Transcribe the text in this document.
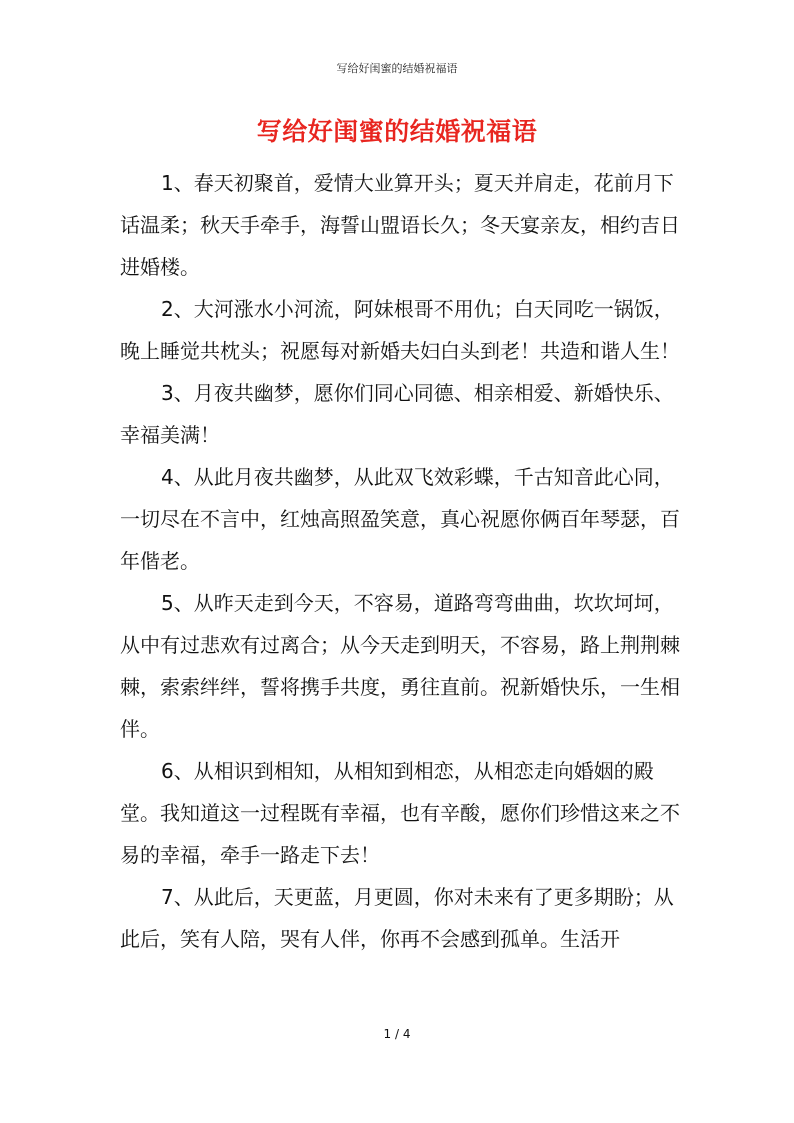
写给好闺蜜的结婚祝福语
写给好闺蜜的结婚祝福语

1、春天初聚首，爱情大业算开头；夏天并肩走，花前月下话温柔；秋天手牵手，海誓山盟语长久；冬天宴亲友，相约吉日进婚楼。

2、大河涨水小河流，阿妹根哥不用仇；白天同吃一锅饭，晚上睡觉共枕头；祝愿每对新婚夫妇白头到老！共造和谐人生！

3、月夜共幽梦，愿你们同心同德、相亲相爱、新婚快乐、幸福美满！

4、从此月夜共幽梦，从此双飞效彩蝶，千古知音此心同，一切尽在不言中，红烛高照盈笑意，真心祝愿你俩百年琴瑟，百年偕老。

5、从昨天走到今天，不容易，道路弯弯曲曲，坎坎坷坷，从中有过悲欢有过离合；从今天走到明天，不容易，路上荆荆棘棘，索索绊绊，誓将携手共度，勇往直前。祝新婚快乐，一生相伴。

6、从相识到相知，从相知到相恋，从相恋走向婚姻的殿堂。我知道这一过程既有幸福，也有辛酸，愿你们珍惜这来之不易的幸福，牵手一路走下去！

7、从此后，天更蓝，月更圆，你对未来有了更多期盼；从此后，笑有人陪，哭有人伴，你再不会感到孤单。生活开

1 / 4
